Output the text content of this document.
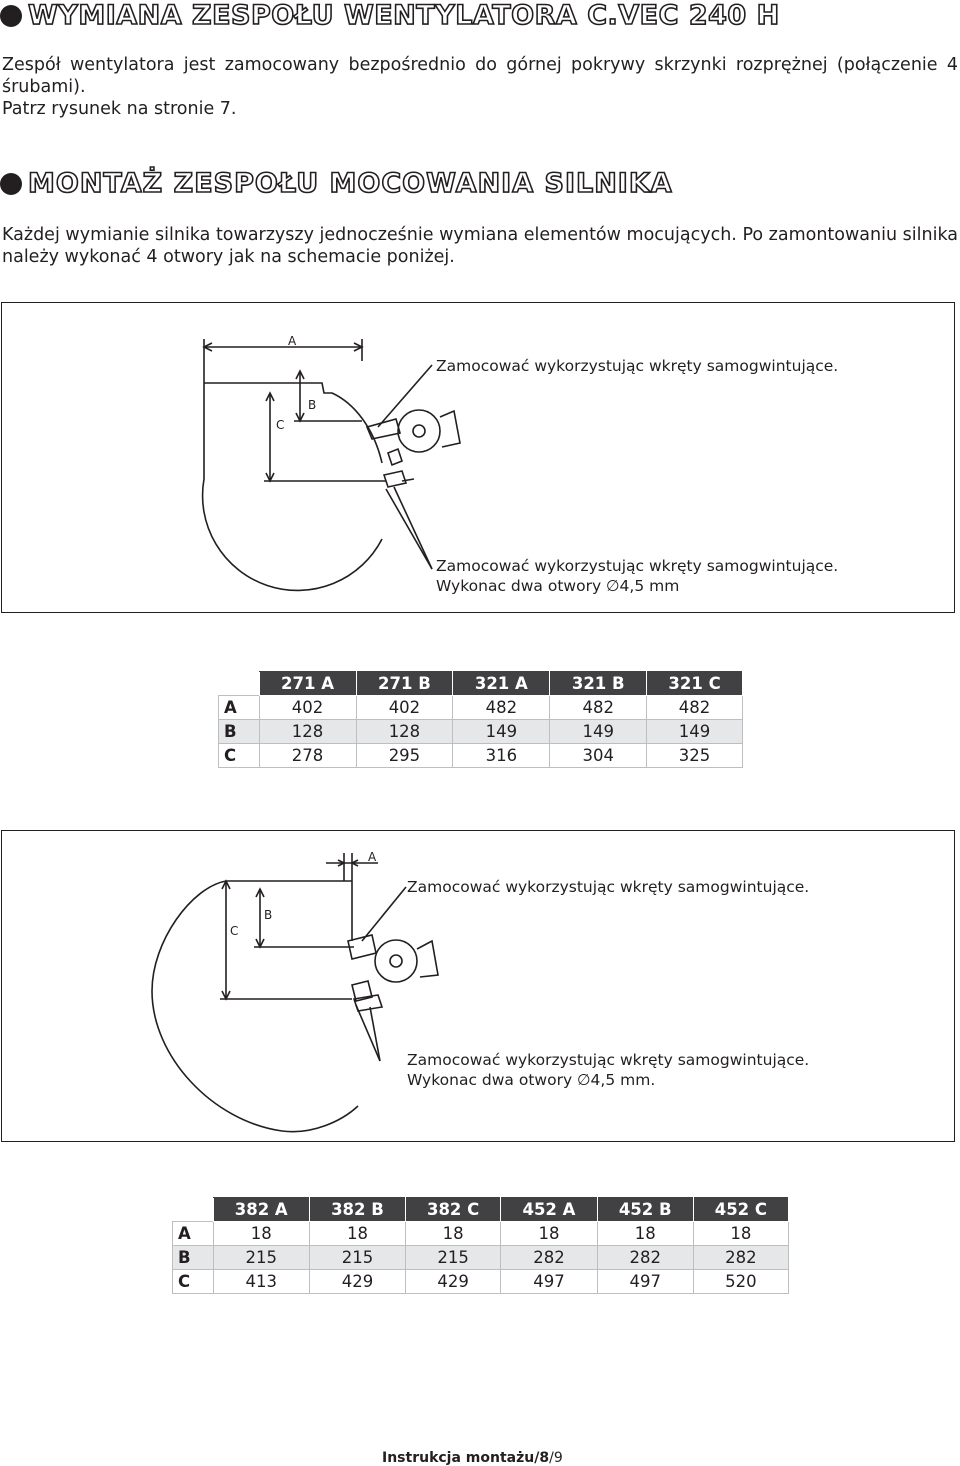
WYMIANA ZESPOŁU WENTYLATORA C.VEC 240 H
Zespół wentylatora jest zamocowany bezpośrednio do górnej pokrywy skrzynki rozprężnej (połączenie 4 śrubami).
Patrz rysunek na stronie 7.
MONTAŻ ZESPOŁU MOCOWANIA SILNIKA
Każdej wymianie silnika towarzyszy jednocześnie wymiana elementów mocujących. Po zamontowaniu silnika należy wykonać 4 otwory jak na schemacie poniżej.
A
B
C
Zamocować wykorzystując wkręty samogwintujące.
Zamocować wykorzystując wkręty samogwintujące.
Wykonac dwa otwory ∅4,5 mm
	271 A	271 B	321 A	321 B	321 C
A	402	402	482	482	482
B	128	128	149	149	149
C	278	295	316	304	325
A
B
C
Zamocować wykorzystując wkręty samogwintujące.
Zamocować wykorzystując wkręty samogwintujące.
Wykonac dwa otwory ∅4,5 mm.
	382 A	382 B	382 C	452 A	452 B	452 C
A	18	18	18	18	18	18
B	215	215	215	282	282	282
C	413	429	429	497	497	520
Instrukcja montażu/8/9
